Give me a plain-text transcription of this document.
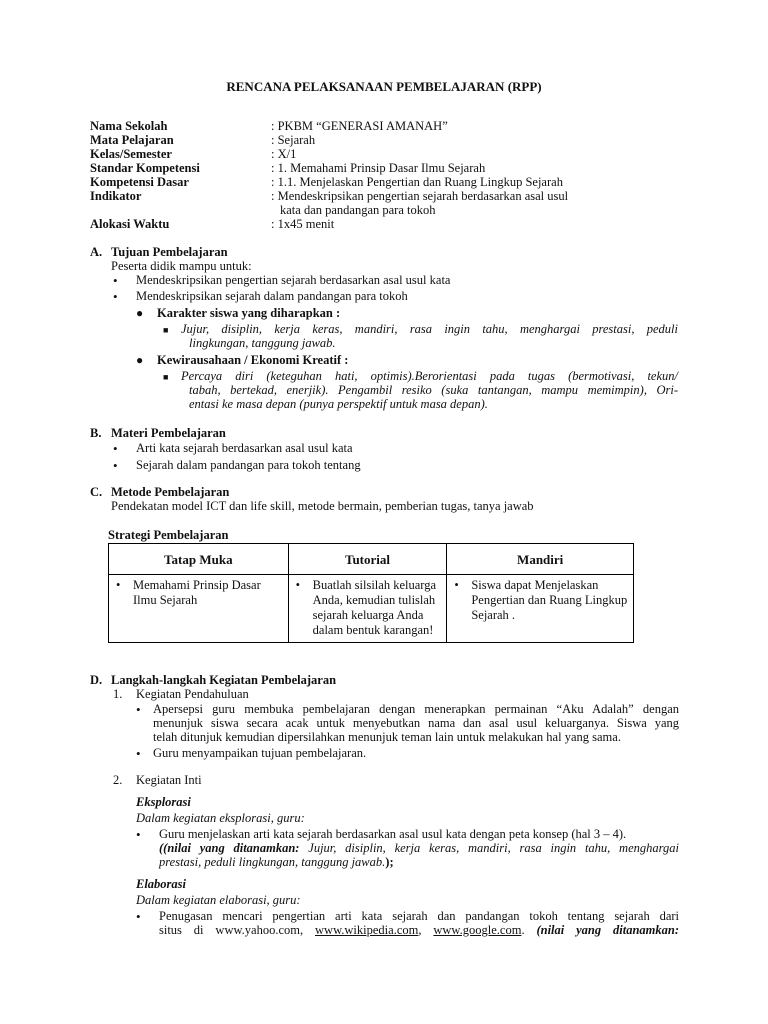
RENCANA PELAKSANAAN PEMBELAJARAN (RPP)
Nama Sekolah	: PKBM “GENERASI AMANAH”
Mata Pelajaran	: Sejarah
Kelas/Semester	: X/1
Standar Kompetensi	: 1. Memahami Prinsip Dasar Ilmu Sejarah
Kompetensi Dasar	: 1.1. Menjelaskan Pengertian dan Ruang Lingkup Sejarah
Indikator	: Mendeskripsikan pengertian sejarah berdasarkan asal usul
kata dan pandangan para tokoh
Alokasi Waktu	: 1x45 menit
A. Tujuan Pembelajaran
Peserta didik mampu untuk:
• Mendeskripsikan pengertian sejarah berdasarkan asal usul kata
• Mendeskripsikan sejarah dalam pandangan para tokoh
● Karakter siswa yang diharapkan :
■ Jujur, disiplin, kerja keras, mandiri, rasa ingin tahu, menghargai prestasi, peduli
lingkungan, tanggung jawab.
● Kewirausahaan / Ekonomi Kreatif :
■ Percaya diri (keteguhan hati, optimis).Berorientasi pada tugas (bermotivasi, tekun/
tabah, bertekad, enerjik). Pengambil resiko (suka tantangan, mampu memimpin), Ori-
entasi ke masa depan (punya perspektif untuk masa depan).
B. Materi Pembelajaran
• Arti kata sejarah berdasarkan asal usul kata
• Sejarah dalam pandangan para tokoh tentang
C. Metode Pembelajaran
Pendekatan model ICT dan life skill, metode bermain, pemberian tugas, tanya jawab
Strategi Pembelajaran
Tatap Muka	Tutorial	Mandiri

• Memahami Prinsip Dasar Ilmu Sejarah	• Buatlah silsilah keluarga Anda, kemudian tulislah sejarah keluarga Anda dalam bentuk karangan!	• Siswa dapat Menjelaskan Pengertian dan Ruang Lingkup Sejarah .
D. Langkah-langkah Kegiatan Pembelajaran
1. Kegiatan Pendahuluan
• Apersepsi guru membuka pembelajaran dengan menerapkan permainan “Aku Adalah” dengan
menunjuk siswa secara acak untuk menyebutkan nama dan asal usul keluarganya. Siswa yang
telah ditunjuk kemudian dipersilahkan menunjuk teman lain untuk melakukan hal yang sama.
• Guru menyampaikan tujuan pembelajaran.
2. Kegiatan Inti
Eksplorasi
Dalam kegiatan eksplorasi, guru:
• Guru menjelaskan arti kata sejarah berdasarkan asal usul kata dengan peta konsep (hal 3 – 4).
((nilai yang ditanamkan: Jujur, disiplin, kerja keras, mandiri, rasa ingin tahu, menghargai
prestasi, peduli lingkungan, tanggung jawab.);
Elaborasi
Dalam kegiatan elaborasi, guru:
• Penugasan mencari pengertian arti kata sejarah dan pandangan tokoh tentang sejarah dari
situs di www.yahoo.com, www.wikipedia.com, www.google.com. (nilai yang ditanamkan:
